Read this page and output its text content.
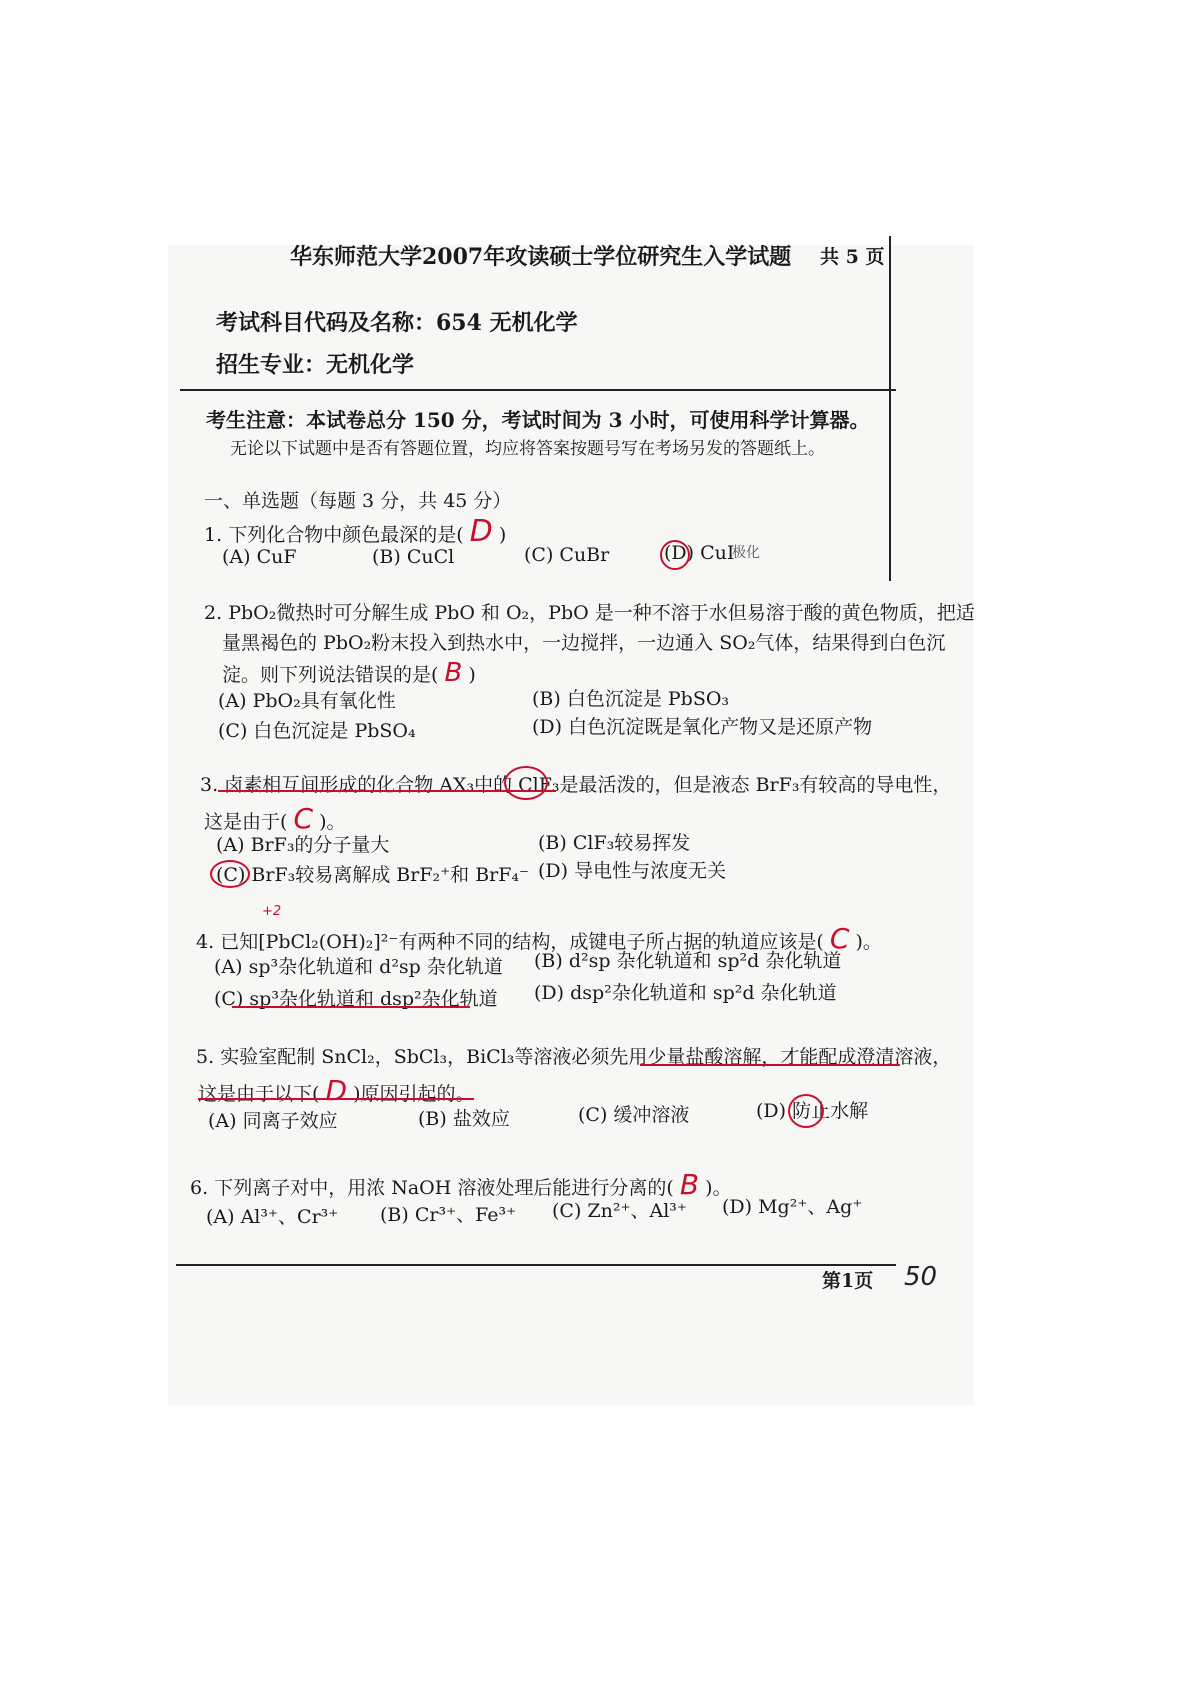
华东师范大学2007年攻读硕士学位研究生入学试题 共 5 页
考试科目代码及名称：654 无机化学
招生专业：无机化学
考生注意：本试卷总分 150 分，考试时间为 3 小时，可使用科学计算器。
无论以下试题中是否有答题位置，均应将答案按题号写在考场另发的答题纸上。
一、单选题（每题 3 分，共 45 分）
1. 下列化合物中颜色最深的是( D )
(A) CuF	(B) CuCl	(C) CuBr	(D) CuI
极化
2. PbO₂微热时可分解生成 PbO 和 O₂，PbO 是一种不溶于水但易溶于酸的黄色物质，把适
量黑褐色的 PbO₂粉末投入到热水中，一边搅拌，一边通入 SO₂气体，结果得到白色沉
淀。则下列说法错误的是( B )
(A) PbO₂具有氧化性	(B) 白色沉淀是 PbSO₃
(C) 白色沉淀是 PbSO₄	(D) 白色沉淀既是氧化产物又是还原产物
3. 卤素相互间形成的化合物 AX₃中的 ClF₃是最活泼的，但是液态 BrF₃有较高的导电性，
这是由于( C )。
(A) BrF₃的分子量大	(B) ClF₃较易挥发
(C) BrF₃较易离解成 BrF₂⁺和 BrF₄⁻ (D) 导电性与浓度无关
+2
4. 已知[PbCl₂(OH)₂]²⁻有两种不同的结构，成键电子所占据的轨道应该是( C )。
(A) sp³杂化轨道和 d²sp 杂化轨道 (B) d²sp 杂化轨道和 sp²d 杂化轨道
(C) sp³杂化轨道和 dsp²杂化轨道 (D) dsp²杂化轨道和 sp²d 杂化轨道
5. 实验室配制 SnCl₂，SbCl₃，BiCl₃等溶液必须先用少量盐酸溶解，才能配成澄清溶液，
这是由于以下( D )原因引起的。
(A) 同离子效应	(B) 盐效应	(C) 缓冲溶液	(D) 防止水解
6. 下列离子对中，用浓 NaOH 溶液处理后能进行分离的( B )。
(A) Al³⁺、Cr³⁺ (B) Cr³⁺、Fe³⁺ (C) Zn²⁺、Al³⁺ (D) Mg²⁺、Ag⁺
第1页 50
